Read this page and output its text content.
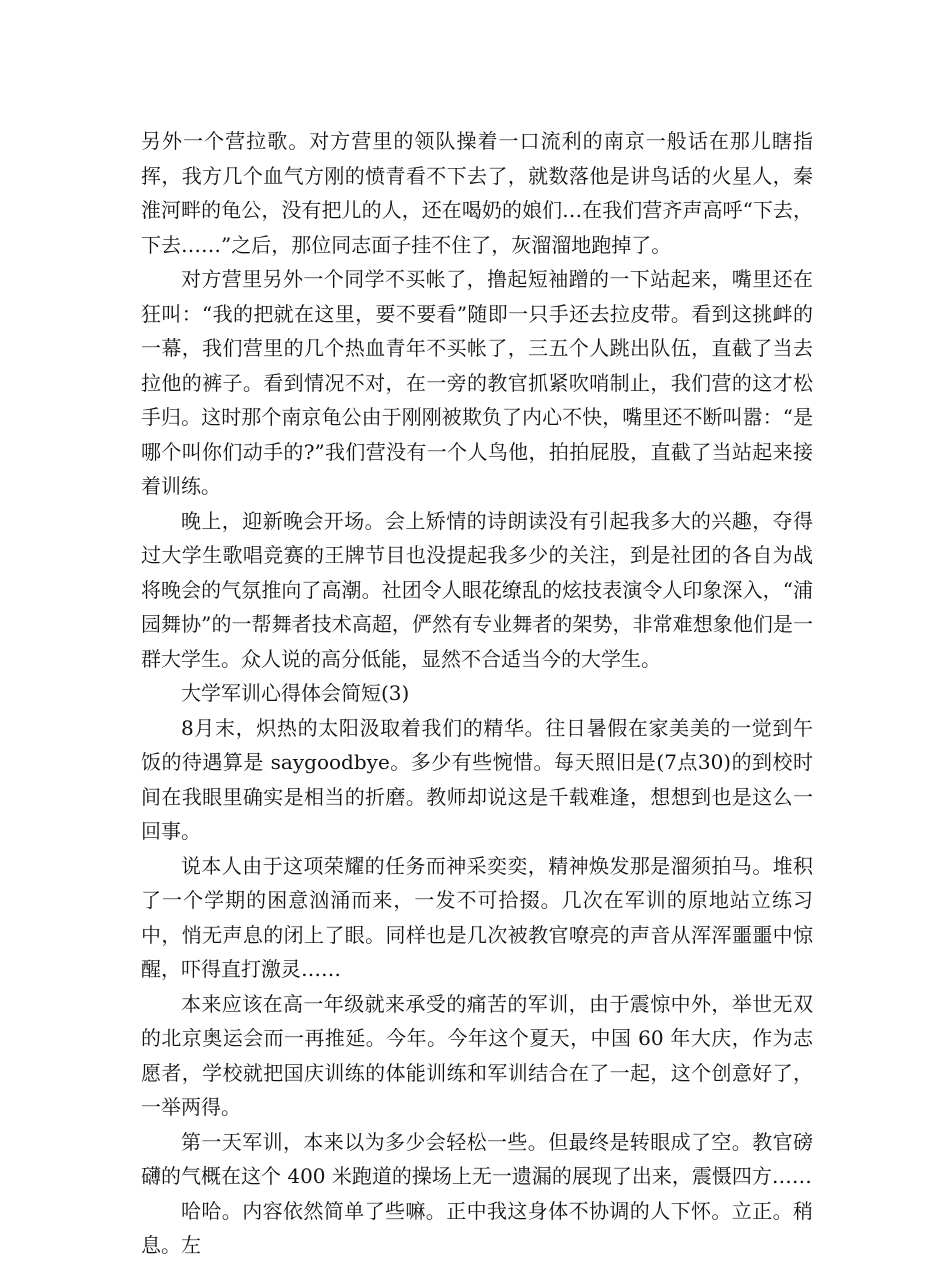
另外一个营拉歌。对方营里的领队操着一口流利的南京一般话在那儿瞎指挥，我方几个血气方刚的愤青看不下去了，就数落他是讲鸟话的火星人，秦淮河畔的龟公，没有把儿的人，还在喝奶的娘们…在我们营齐声高呼“下去，下去……”之后，那位同志面子挂不住了，灰溜溜地跑掉了。

对方营里另外一个同学不买帐了，撸起短袖蹭的一下站起来，嘴里还在狂叫：“我的把就在这里，要不要看”随即一只手还去拉皮带。看到这挑衅的一幕，我们营里的几个热血青年不买帐了，三五个人跳出队伍，直截了当去拉他的裤子。看到情况不对，在一旁的教官抓紧吹哨制止，我们营的这才松手归。这时那个南京龟公由于刚刚被欺负了内心不快，嘴里还不断叫嚣：“是哪个叫你们动手的?”我们营没有一个人鸟他，拍拍屁股，直截了当站起来接着训练。

晚上，迎新晚会开场。会上矫情的诗朗读没有引起我多大的兴趣，夺得过大学生歌唱竞赛的王牌节目也没提起我多少的关注，到是社团的各自为战将晚会的气氛推向了高潮。社团令人眼花缭乱的炫技表演令人印象深入，“浦园舞协”的一帮舞者技术高超，俨然有专业舞者的架势，非常难想象他们是一群大学生。众人说的高分低能，显然不合适当今的大学生。

大学军训心得体会简短(3)

8月末，炽热的太阳汲取着我们的精华。往日暑假在家美美的一觉到午饭的待遇算是 saygoodbye。多少有些惋惜。每天照旧是(7点30)的到校时间在我眼里确实是相当的折磨。教师却说这是千载难逢，想想到也是这么一回事。

说本人由于这项荣耀的任务而神采奕奕，精神焕发那是溜须拍马。堆积了一个学期的困意汹涌而来，一发不可拾掇。几次在军训的原地站立练习中，悄无声息的闭上了眼。同样也是几次被教官嘹亮的声音从浑浑噩噩中惊醒，吓得直打激灵……

本来应该在高一年级就来承受的痛苦的军训，由于震惊中外，举世无双的北京奥运会而一再推延。今年。今年这个夏天，中国 60 年大庆，作为志愿者，学校就把国庆训练的体能训练和军训结合在了一起，这个创意好了，一举两得。

第一天军训，本来以为多少会轻松一些。但最终是转眼成了空。教官磅礴的气概在这个 400 米跑道的操场上无一遗漏的展现了出来，震慑四方……

哈哈。内容依然简单了些嘛。正中我这身体不协调的人下怀。立正。稍息。左
